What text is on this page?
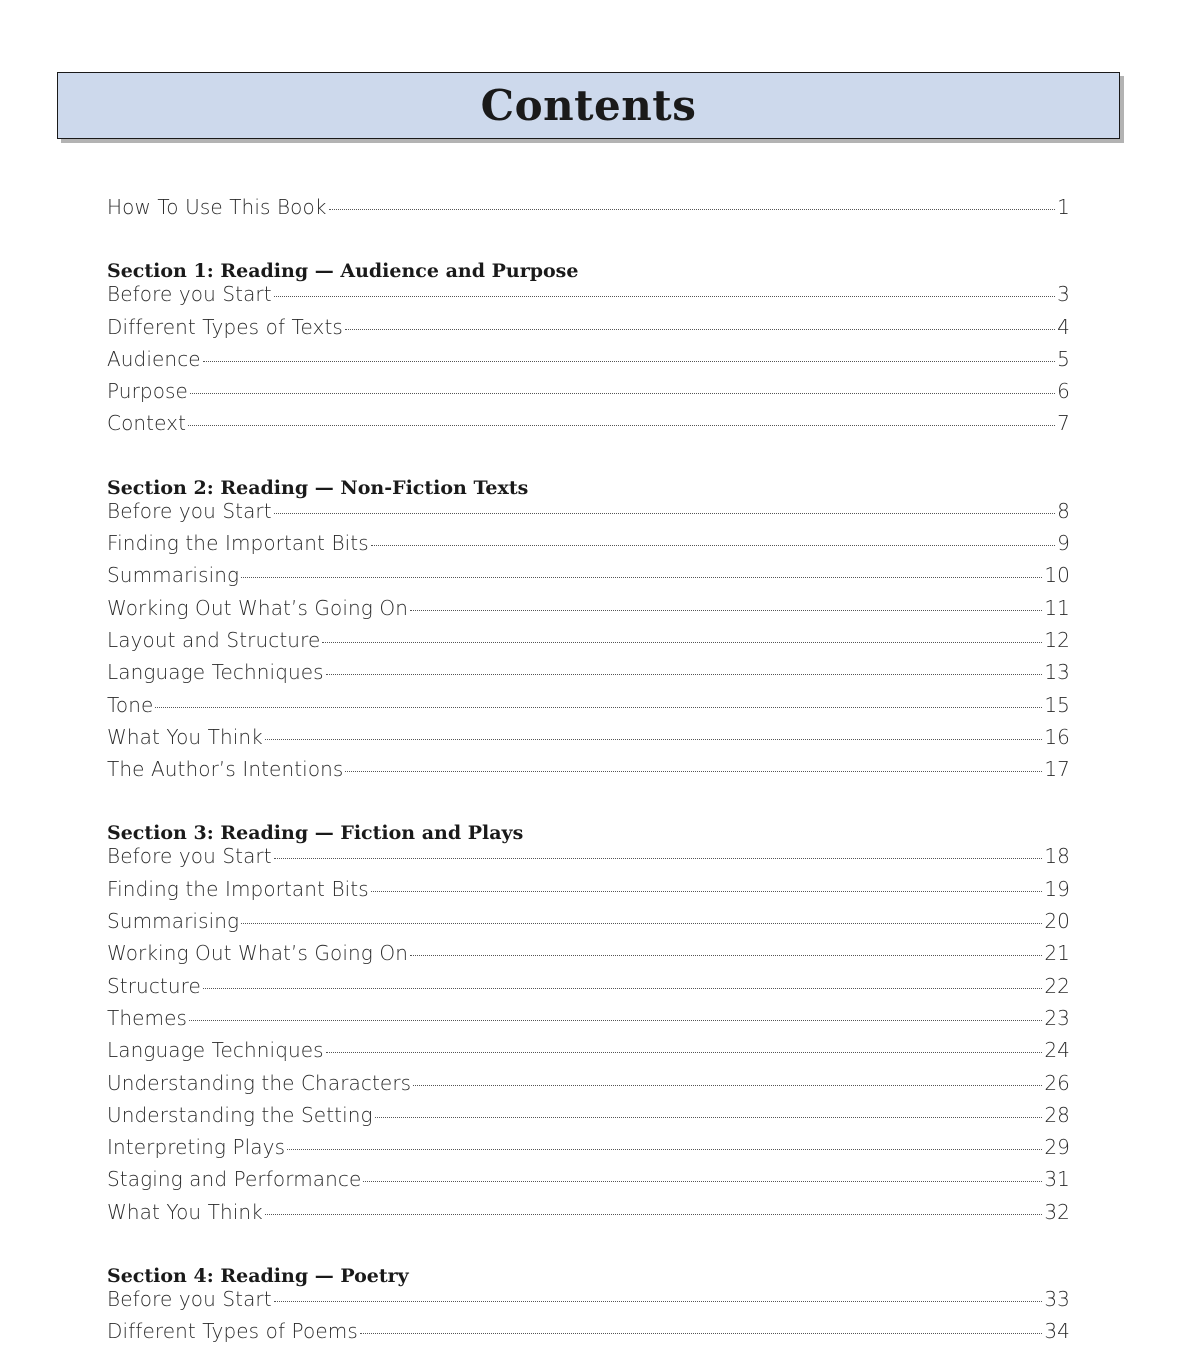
Contents
How To Use This Book	1
Section 1: Reading — Audience and Purpose
Before you Start	3
Different Types of Texts	4
Audience	5
Purpose	6
Context	7
Section 2: Reading — Non-Fiction Texts
Before you Start	8
Finding the Important Bits	9
Summarising	10
Working Out What’s Going On	11
Layout and Structure	12
Language Techniques	13
Tone	15
What You Think	16
The Author’s Intentions	17
Section 3: Reading — Fiction and Plays
Before you Start	18
Finding the Important Bits	19
Summarising	20
Working Out What’s Going On	21
Structure	22
Themes	23
Language Techniques	24
Understanding the Characters	26
Understanding the Setting	28
Interpreting Plays	29
Staging and Performance	31
What You Think	32
Section 4: Reading — Poetry
Before you Start	33
Different Types of Poems	34
